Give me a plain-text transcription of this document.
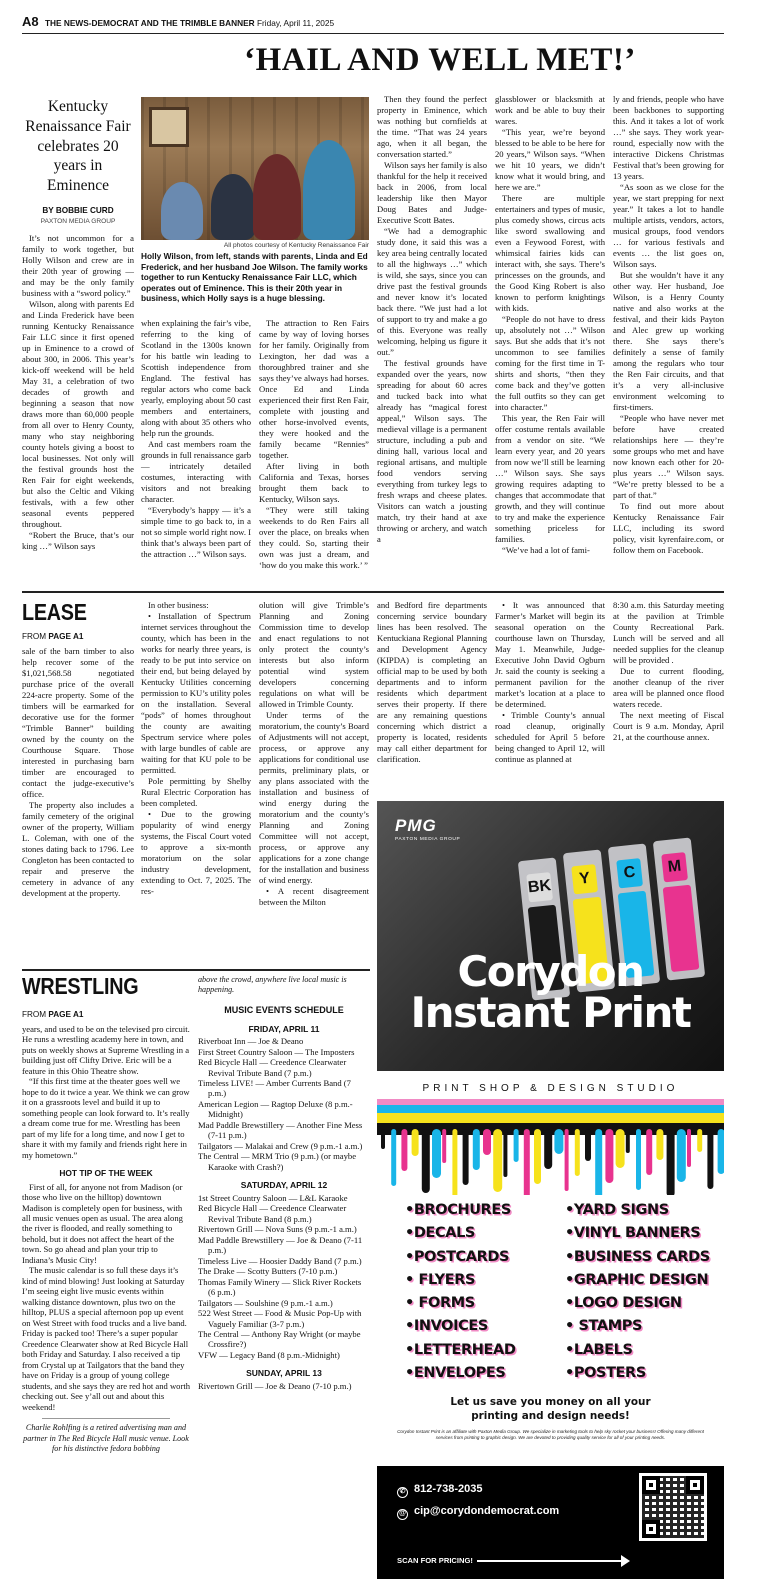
A8 THE NEWS-DEMOCRAT AND THE TRIMBLE BANNER Friday, April 11, 2025
‘HAIL AND WELL MET!’
Kentucky Renaissance Fair celebrates 20 years in Eminence
BY BOBBIE CURD
PAXTON MEDIA GROUP
All photos courtesy of Kentucky Renaissance Fair
Holly Wilson, from left, stands with parents, Linda and Ed Frederick, and her husband Joe Wilson. The family works together to run Kentucky Renaissance Fair LLC, which operates out of Eminence. This is their 20th year in business, which Holly says is a huge blessing.

It’s not uncommon for a family to work together, but Holly Wilson and crew are in their 20th year of growing — and may be the only family business with a “sword policy.”

Wilson, along with parents Ed and Linda Frederick have been running Kentucky Renaissance Fair LLC since it first opened up in Eminence to a crowd of about 300, in 2006. This year’s kick-off weekend will be held May 31, a celebration of two decades of growth and beginning a season that now draws more than 60,000 people from all over to Henry County, many who stay neighboring county hotels giving a boost to local businesses. Not only will the festival grounds host the Ren Fair for eight weekends, but also the Celtic and Viking festivals, with a few other seasonal events peppered throughout.

“Robert the Bruce, that’s our king …” Wilson says

when explaining the fair’s vibe, referring to the king of Scotland in the 1300s known for his battle win leading to Scottish independence from England. The festival has regular actors who come back yearly, employing about 50 cast members and entertainers, along with about 35 others who help run the grounds.

And cast members roam the grounds in full renaissance garb — intricately detailed costumes, interacting with visitors and not breaking character.

“Everybody’s happy — it’s a simple time to go back to, in a not so simple world right now. I think that’s always been part of the attraction …” Wilson says.

The attraction to Ren Fairs came by way of loving horses for her family. Originally from Lexington, her dad was a thoroughbred trainer and she says they’ve always had horses. Once Ed and Linda experienced their first Ren Fair, complete with jousting and other horse-involved events, they were hooked and the family became “Rennies” together.

After living in both California and Texas, horses brought them back to Kentucky, Wilson says.

“They were still taking weekends to do Ren Fairs all over the place, on breaks when they could. So, starting their own was just a dream, and ‘how do you make this work.’ ”

Then they found the perfect property in Eminence, which was nothing but cornfields at the time. “That was 24 years ago, when it all began, the conversation started.”

Wilson says her family is also thankful for the help it received back in 2006, from local leadership like then Mayor Doug Bates and Judge-Executive Scott Bates.

“We had a demographic study done, it said this was a key area being centrally located to all the highways …” which is wild, she says, since you can drive past the festival grounds and never know it’s located back there. “We just had a lot of support to try and make a go of this. Everyone was really welcoming, helping us figure it out.”

The festival grounds have expanded over the years, now spreading for about 60 acres and tucked back into what already has “magical forest appeal,” Wilson says. The medieval village is a permanent structure, including a pub and dining hall, various local and regional artisans, and multiple food vendors serving everything from turkey legs to fresh wraps and cheese plates. Visitors can watch a jousting match, try their hand at axe throwing or archery, and watch a

glassblower or blacksmith at work and be able to buy their wares.

“This year, we’re beyond blessed to be able to be here for 20 years,” Wilson says. “When we hit 10 years, we didn’t know what it would bring, and here we are.”

There are multiple entertainers and types of music, plus comedy shows, circus acts like sword swallowing and even a Feywood Forest, with whimsical fairies kids can interact with, she says. There’s princesses on the grounds, and the Good King Robert is also known to perform knightings with kids.

“People do not have to dress up, absolutely not …” Wilson says. But she adds that it’s not uncommon to see families coming for the first time in T-shirts and shorts, “then they come back and they’ve gotten the full outfits so they can get into character.”

This year, the Ren Fair will offer costume rentals available from a vendor on site. “We learn every year, and 20 years from now we’ll still be learning …” Wilson says. She says growing requires adapting to changes that accommodate that growth, and they will continue to try and make the experience something priceless for families.

“We’ve had a lot of fami-

ly and friends, people who have been backbones to supporting this. And it takes a lot of work …” she says. They work year-round, especially now with the interactive Dickens Christmas Festival that’s been growing for 13 years.

“As soon as we close for the year, we start prepping for next year.” It takes a lot to handle multiple artists, vendors, actors, musical groups, food vendors … for various festivals and events … the list goes on, Wilson says.

But she wouldn’t have it any other way. Her husband, Joe Wilson, is a Henry County native and also works at the festival, and their kids Payton and Alec grew up working there. She says there’s definitely a sense of family among the regulars who tour the Ren Fair circuits, and that it’s a very all-inclusive environment welcoming to first-timers.

“People who have never met before have created relationships here — they’re some groups who met and have now known each other for 20-plus years …” Wilson says. “We’re pretty blessed to be a part of that.”

To find out more about Kentucky Renaissance Fair LLC, including its sword policy, visit kyrenfaire.com, or follow them on Facebook.

LEASE
FROM PAGE A1

sale of the barn timber to also help recover some of the $1,021,568.58 negotiated purchase price of the overall 224-acre property. Some of the timbers will be earmarked for decorative use for the former “Trimble Banner” building owned by the county on the Courthouse Square. Those interested in purchasing barn timber are encouraged to contact the judge-executive’s office.

The property also includes a family cemetery of the original owner of the property, William L. Coleman, with one of the stones dating back to 1796. Lee Congleton has been contacted to repair and preserve the cemetery in advance of any development at the property.

In other business:

• Installation of Spectrum internet services throughout the county, which has been in the works for nearly three years, is ready to be put into service on their end, but being delayed by Kentucky Utilities concerning permission to KU’s utility poles on the installation. Several “pods” of homes throughout the county are awaiting Spectrum service where poles with large bundles of cable are waiting for that KU pole to be permitted.

Pole permitting by Shelby Rural Electric Corporation has been completed.

• Due to the growing popularity of wind energy systems, the Fiscal Court voted to approve a six-month moratorium on the solar industry development, extending to Oct. 7, 2025. The res-

olution will give Trimble’s Planning and Zoning Commission time to develop and enact regulations to not only protect the county’s interests but also inform potential wind system developers concerning regulations on what will be allowed in Trimble County.

Under terms of the moratorium, the county’s Board of Adjustments will not accept, process, or approve any applications for conditional use permits, preliminary plats, or any plans associated with the installation and business of wind energy during the moratorium and the county’s Planning and Zoning Committee will not accept, process, or approve any applications for a zone change for the installation and business of wind energy.

• A recent disagreement between the Milton

and Bedford fire departments concerning service boundary lines has been resolved. The Kentuckiana Regional Planning and Development Agency (KIPDA) is completing an official map to be used by both departments and to inform residents which department serves their property. If there are any remaining questions concerning which district a property is located, residents may call either department for clarification.

• It was announced that Farmer’s Market will begin its seasonal operation on the courthouse lawn on Thursday, May 1. Meanwhile, Judge-Executive John David Ogburn Jr. said the county is seeking a permanent pavilion for the market’s location at a place to be determined.

• Trimble County’s annual road cleanup, originally scheduled for April 5 before being changed to April 12, will continue as planned at

8:30 a.m. this Saturday meeting at the pavilion at Trimble County Recreational Park. Lunch will be served and all needed supplies for the cleanup will be provided .

Due to current flooding, another cleanup of the river area will be planned once flood waters recede.

The next meeting of Fiscal Court is 9 a.m. Monday, April 21, at the courthouse annex.

WRESTLING
FROM PAGE A1

years, and used to be on the televised pro circuit. He runs a wrestling academy here in town, and puts on weekly shows at Supreme Wrestling in a building just off Clifty Drive. Eric will be a feature in this Ohio Theatre show.

“If this first time at the theater goes well we hope to do it twice a year. We think we can grow it on a grassroots level and build it up to something people can look forward to. It’s really a dream come true for me. Wrestling has been part of my life for a long time, and now I get to share it with my family and friends right here in my hometown.”

HOT TIP OF THE WEEK

First of all, for anyone not from Madison (or those who live on the hilltop) downtown Madison is completely open for business, with all music venues open as usual. The area along the river is flooded, and really something to behold, but it does not affect the heart of the town. So go ahead and plan your trip to Indiana’s Music City!

The music calendar is so full these days it’s kind of mind blowing! Just looking at Saturday I’m seeing eight live music events within walking distance downtown, plus two on the hilltop, PLUS a special afternoon pop up event on West Street with food trucks and a live band. Friday is packed too! There’s a super popular Creedence Clearwater show at Red Bicycle Hall both Friday and Saturday. I also received a tip from Crystal up at Tailgators that the band they have on Friday is a group of young college students, and she says they are red hot and worth checking out. See y’all out and about this weekend!

Charlie Rohlfing is a retired advertising man and partner in The Red Bicycle Hall music venue. Look for his distinctive fedora bobbing

above the crowd, anywhere live local music is happening.

MUSIC EVENTS SCHEDULE
FRIDAY, APRIL 11

Riverboat Inn — Joe & Deano

First Street Country Saloon — The Imposters

Red Bicycle Hall — Creedence Clearwater Revival Tribute Band (7 p.m.)

Timeless LIVE! — Amber Currents Band (7 p.m.)

American Legion — Ragtop Deluxe (8 p.m.-Midnight)

Mad Paddle Brewstillery — Another Fine Mess (7-11 p.m.)

Tailgators — Malakai and Crew (9 p.m.-1 a.m.)

The Central — MRM Trio (9 p.m.) (or maybe Karaoke with Crash?)

SATURDAY, APRIL 12

1st Street Country Saloon — L&L Karaoke

Red Bicycle Hall — Creedence Clearwater Revival Tribute Band (8 p.m.)

Rivertown Grill — Nova Suns (9 p.m.-1 a.m.)

Mad Paddle Brewstillery — Joe & Deano (7-11 p.m.)

Timeless Live — Hoosier Daddy Band (7 p.m.)

The Drake — Scotty Butters (7-10 p.m.)

Thomas Family Winery — Slick River Rockets (6 p.m.)

Tailgators — Soulshine (9 p.m.-1 a.m.)

522 West Street — Food & Music Pop-Up with Vaguely Familiar (3-7 p.m.)

The Central — Anthony Ray Wright (or maybe Crossfire?)

VFW — Legacy Band (8 p.m.-Midnight)

SUNDAY, APRIL 13

Rivertown Grill — Joe & Deano (7-10 p.m.)

PMG
PAXTON MEDIA GROUP
BK	Y	C	M
Corydon
Instant Print
PRINT SHOP & DESIGN STUDIO
•BROCHURES
•DECALS
•POSTCARDS
• FLYERS
• FORMS
•INVOICES
•LETTERHEAD
•ENVELOPES
•YARD SIGNS
•VINYL BANNERS
•BUSINESS CARDS
•GRAPHIC DESIGN
•LOGO DESIGN
• STAMPS
•LABELS
•POSTERS
Let us save you money on all your
printing and design needs!
Corydon Instant Print is an affiliate with Paxton Media Group. We specialize in marketing tools to help sky rocket your business! Offering many different services from printing to graphic design. We are devoted to providing quality service for all of your printing needs.
✆ 812-738-2035
@ cip@corydondemocrat.com
SCAN FOR PRICING!
